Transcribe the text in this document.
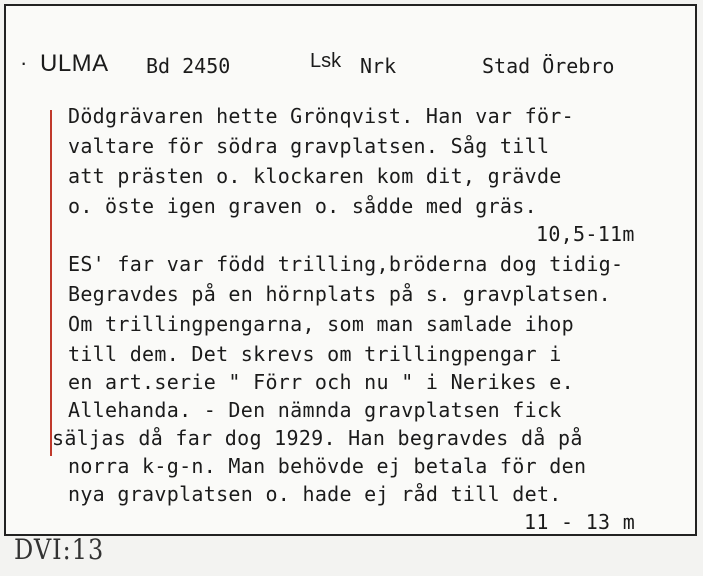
· ULMA Bd 2450	Lsk Nrk	Stad Örebro
Dödgrävaren hette Grönqvist. Han var för-
valtare för södra gravplatsen. Såg till
att prästen o. klockaren kom dit, grävde
o. öste igen graven o. sådde med gräs.
10,5-11m
ES' far var född trilling,bröderna dog tidig-
Begravdes på en hörnplats på s. gravplatsen.
Om trillingpengarna, som man samlade ihop
till dem. Det skrevs om trillingpengar i
en art.serie " Förr och nu " i Nerikes e.
Allehanda. - Den nämnda gravplatsen fick
säljas då far dog 1929. Han begravdes då på
norra k-g-n. Man behövde ej betala för den
nya gravplatsen o. hade ej råd till det.
11 - 13 m
DVI:13
